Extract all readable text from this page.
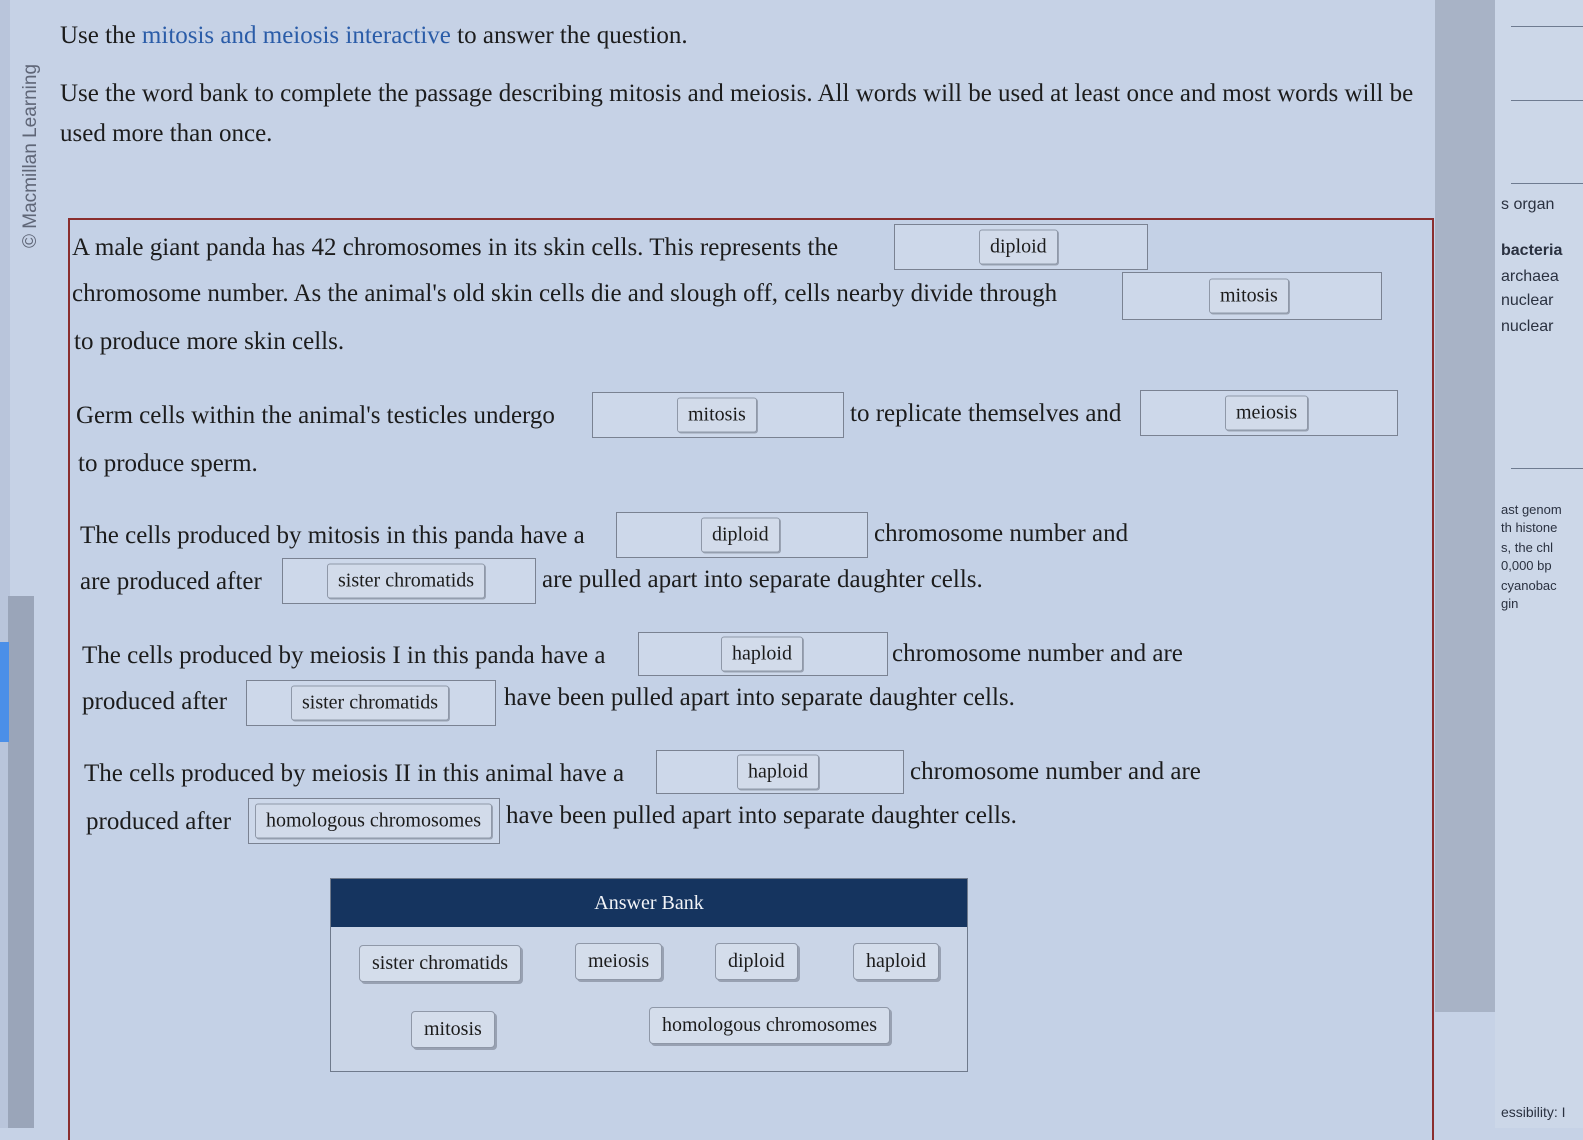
© Macmillan Learning
Use the mitosis and meiosis interactive to answer the question.
Use the word bank to complete the passage describing mitosis and meiosis. All words will be used at least once and most words will be used more than once.
A male giant panda has 42 chromosomes in its skin cells. This represents the	diploid
chromosome number. As the animal's old skin cells die and slough off, cells nearby divide through	mitosis
to produce more skin cells.
Germ cells within the animal's testicles undergo	mitosis	to replicate themselves and	meiosis
to produce sperm.
The cells produced by mitosis in this panda have a	diploid	chromosome number and
are produced after	sister chromatids	are pulled apart into separate daughter cells.
The cells produced by meiosis I in this panda have a	haploid	chromosome number and are
produced after	sister chromatids	have been pulled apart into separate daughter cells.
The cells produced by meiosis II in this animal have a	haploid	chromosome number and are
produced after	homologous chromosomes	have been pulled apart into separate daughter cells.
Answer Bank
sister chromatids	meiosis	diploid	haploid
mitosis	homologous chromosomes
s organ
bacteria
archaea
nuclear
nuclear
ast genom
th histone
s, the chl
0,000 bp
cyanobac
gin
essibility: I
